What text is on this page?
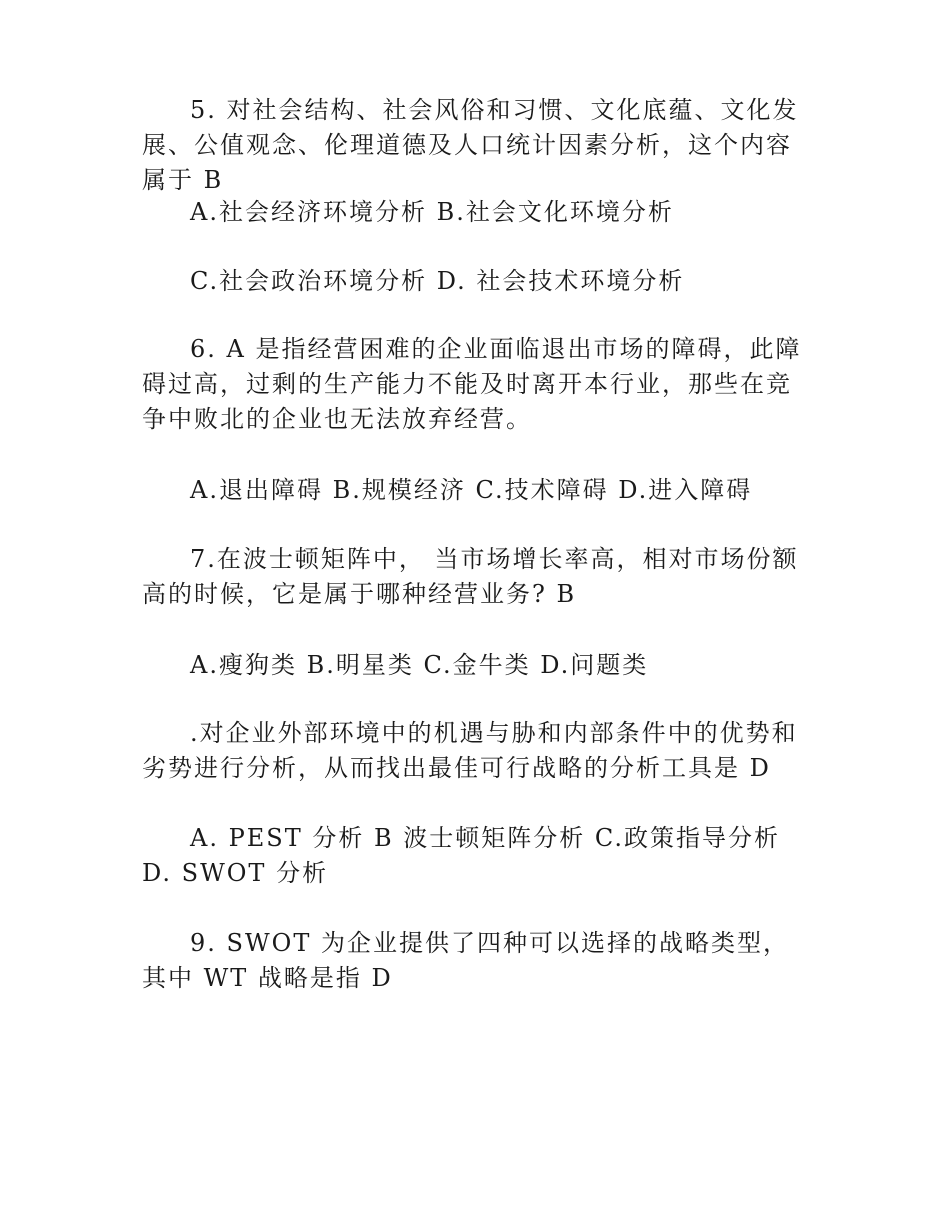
5. 对社会结构、社会风俗和习惯、文化底蕴、文化发展、公值观念、伦理道德及人口统计因素分析，这个内容属于 B

A.社会经济环境分析 B.社会文化环境分析

C.社会政治环境分析 D. 社会技术环境分析

6. A 是指经营困难的企业面临退出市场的障碍，此障碍过高，过剩的生产能力不能及时离开本行业，那些在竞争中败北的企业也无法放弃经营。

A.退出障碍 B.规模经济 C.技术障碍 D.进入障碍

7.在波士顿矩阵中， 当市场增长率高，相对市场份额高的时候，它是属于哪种经营业务? B

A.瘦狗类 B.明星类 C.金牛类 D.问题类

.对企业外部环境中的机遇与胁和内部条件中的优势和劣势进行分析，从而找出最佳可行战略的分析工具是 D

A. PEST 分析 B 波士顿矩阵分析 C.政策指导分析 D. SWOT 分析

9. SWOT 为企业提供了四种可以选择的战略类型，其中 WT 战略是指 D
